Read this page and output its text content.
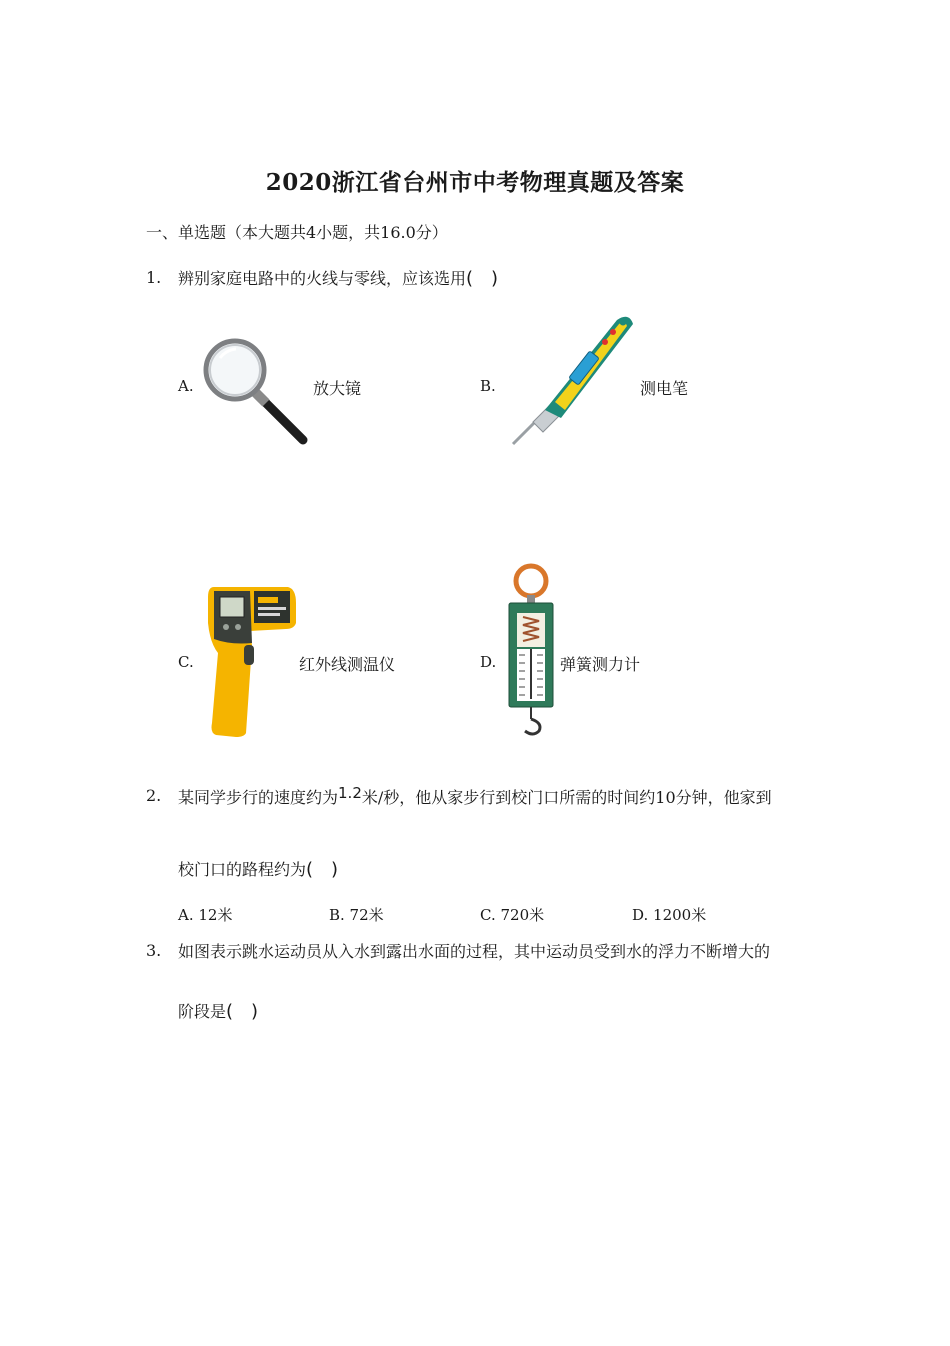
2020浙江省台州市中考物理真题及答案
一、单选题（本大题共4小题，共16.0分）
1. 辨别家庭电路中的火线与零线，应该选用( )
A.	放大镜	B.	测电笔
C.	红外线测温仪	D.	弹簧测力计
2. 某同学步行的速度约为1.2米/秒，他从家步行到校门口所需的时间约10分钟，他家到
校门口的路程约为( )
A. 12米	B. 72米	C. 720米	D. 1200米
3. 如图表示跳水运动员从入水到露出水面的过程，其中运动员受到水的浮力不断增大的
阶段是( )
